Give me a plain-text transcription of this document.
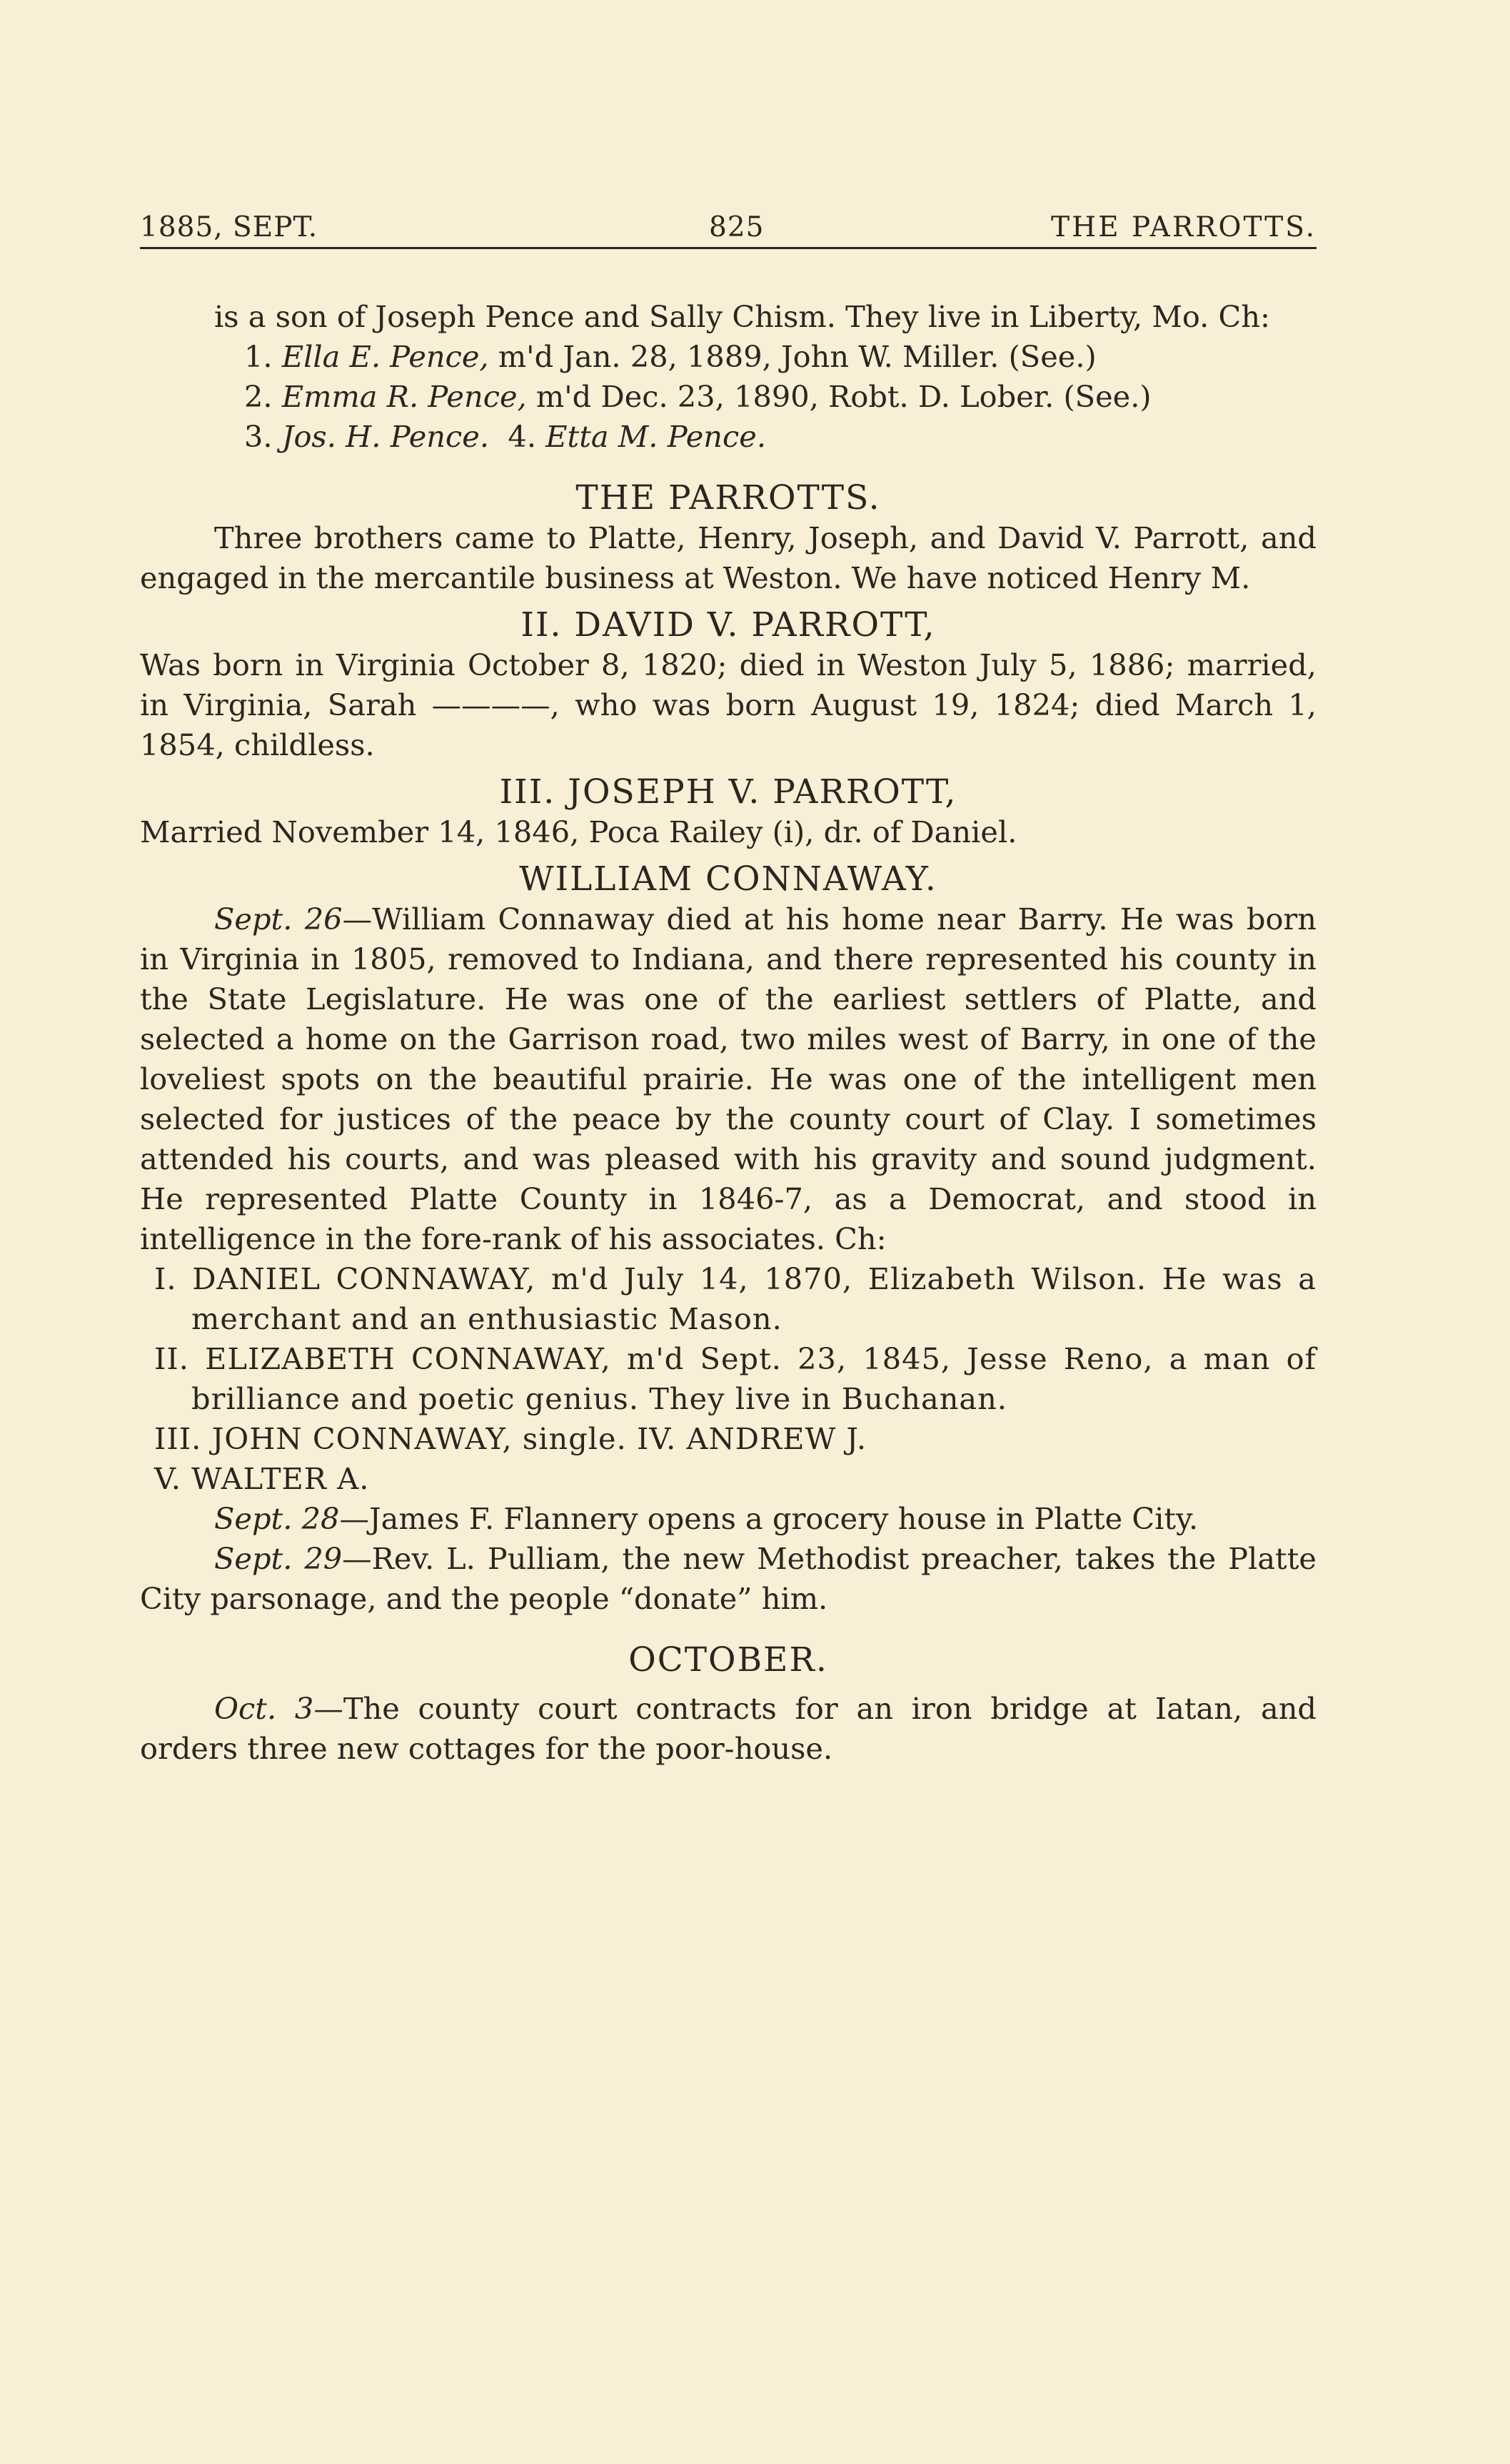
1885, SEPT.	825	THE PARROTTS.

is a son of Joseph Pence and Sally Chism. They live in Liberty, Mo. Ch:

1. Ella E. Pence, m'd Jan. 28, 1889, John W. Miller. (See.)

2. Emma R. Pence, m'd Dec. 23, 1890, Robt. D. Lober. (See.)

3. Jos. H. Pence. 4. Etta M. Pence.

THE PARROTTS.

Three brothers came to Platte, Henry, Joseph, and David V. Parrott, and engaged in the mercantile business at Weston. We have noticed Henry M.

II. DAVID V. PARROTT,

Was born in Virginia October 8, 1820; died in Weston July 5, 1886; married, in Virginia, Sarah ————, who was born August 19, 1824; died March 1, 1854, childless.

III. JOSEPH V. PARROTT,

Married November 14, 1846, Poca Railey (i), dr. of Daniel.

WILLIAM CONNAWAY.

Sept. 26—William Connaway died at his home near Barry. He was born in Virginia in 1805, removed to Indiana, and there represented his county in the State Legislature. He was one of the earliest settlers of Platte, and selected a home on the Garrison road, two miles west of Barry, in one of the loveliest spots on the beautiful prairie. He was one of the intelligent men selected for justices of the peace by the county court of Clay. I sometimes attended his courts, and was pleased with his gravity and sound judgment. He represented Platte County in 1846-7, as a Democrat, and stood in intelligence in the fore-rank of his associates. Ch:

I. DANIEL CONNAWAY, m'd July 14, 1870, Elizabeth Wilson. He was a merchant and an enthusiastic Mason.

II. ELIZABETH CONNAWAY, m'd Sept. 23, 1845, Jesse Reno, a man of brilliance and poetic genius. They live in Buchanan.

III. JOHN CONNAWAY, single. IV. ANDREW J.

V. WALTER A.

Sept. 28—James F. Flannery opens a grocery house in Platte City.

Sept. 29—Rev. L. Pulliam, the new Methodist preacher, takes the Platte City parsonage, and the people “donate” him.

OCTOBER.

Oct. 3—The county court contracts for an iron bridge at Iatan, and orders three new cottages for the poor-house.
